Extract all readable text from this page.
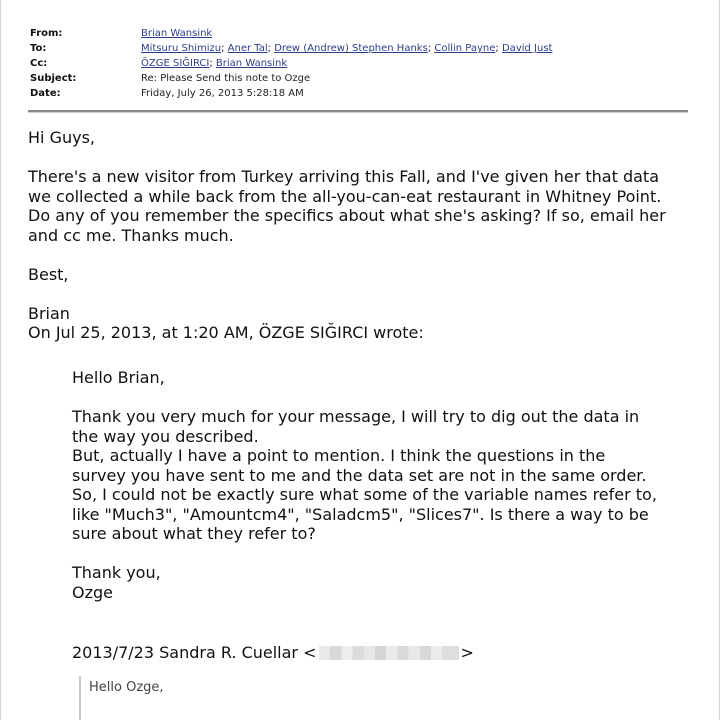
From:	Brian Wansink
To:	Mitsuru Shimizu; Aner Tal; Drew (Andrew) Stephen Hanks; Collin Payne; David Just
Cc:	ÖZGE SIĞIRCI; Brian Wansink
Subject:	Re: Please Send this note to Ozge
Date:	Friday, July 26, 2013 5:28:18 AM

Hi Guys,

There's a new visitor from Turkey arriving this Fall, and I've given her that data we collected a while back from the all-you-can-eat restaurant in Whitney Point. Do any of you remember the specifics about what she's asking? If so, email her and cc me. Thanks much.

Best,

Brian

On Jul 25, 2013, at 1:20 AM, ÖZGE SIĞIRCI wrote:

Hello Brian,

Thank you very much for your message, I will try to dig out the data in

the way you described.

But, actually I have a point to mention. I think the questions in the

survey you have sent to me and the data set are not in the same order.

So, I could not be exactly sure what some of the variable names refer to,

like "Much3", "Amountcm4", "Saladcm5", "Slices7". Is there a way to be

sure about what they refer to?

Thank you,

Ozge

2013/7/23 Sandra R. Cuellar <	>
Hello Ozge,
